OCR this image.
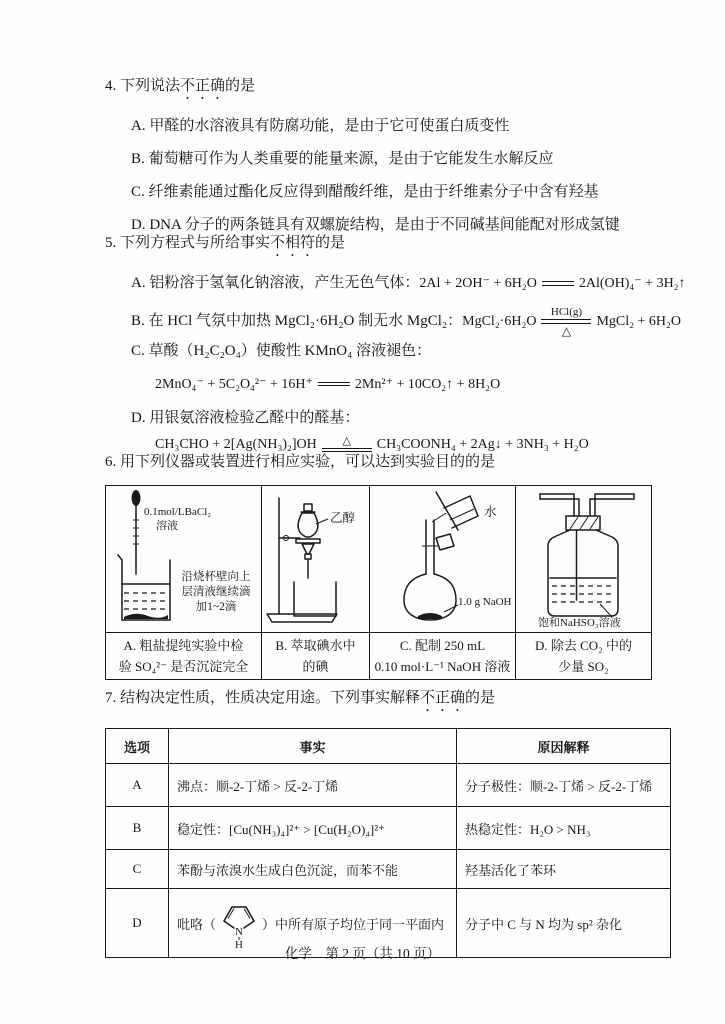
4. 下列说法不正确的是
A. 甲醛的水溶液具有防腐功能，是由于它可使蛋白质变性
B. 葡萄糖可作为人类重要的能量来源，是由于它能发生水解反应
C. 纤维素能通过酯化反应得到醋酸纤维，是由于纤维素分子中含有羟基
D. DNA 分子的两条链具有双螺旋结构，是由于不同碱基间能配对形成氢键
5. 下列方程式与所给事实不相符的是
A. 铝粉溶于氢氧化钠溶液，产生无色气体：2Al + 2OH⁻ + 6H₂O	2Al(OH)₄⁻ + 3H₂↑
B. 在 HCl 气氛中加热 MgCl₂·6H₂O 制无水 MgCl₂：MgCl₂·6H₂O
HCl(g)
△
MgCl₂ + 6H₂O
C. 草酸（H₂C₂O₄）使酸性 KMnO₄ 溶液褪色：
2MnO₄⁻ + 5C₂O₄²⁻ + 16H⁺	2Mn²⁺ + 10CO₂↑ + 8H₂O
D. 用银氨溶液检验乙醛中的醛基：
CH₃CHO + 2[Ag(NH₃)₂]OH △ CH₃COONH₄ + 2Ag↓ + 3NH₃ + H₂O
6. 用下列仪器或装置进行相应实验，可以达到实验目的的是
0.1mol/LBaCl₂
溶液
沿烧杯壁向上
层清液继续滴
加1~2滴

乙醇	水
1.0 g NaOH

饱和NaHSO₃溶液

A. 粗盐提纯实验中检
验 SO₄²⁻ 是否沉淀完全

B. 萃取碘水中
的碘

C. 配制 250 mL
0.10 mol·L⁻¹ NaOH 溶液

D. 除去 CO₂ 中的
少量 SO₂
7. 结构决定性质，性质决定用途。下列事实解释不正确的是
选项	事实	原因解释
A	沸点：顺-2-丁烯 > 反-2-丁烯	分子极性：顺-2-丁烯 > 反-2-丁烯
B	稳定性：[Cu(NH₃)₄]²⁺ > [Cu(H₂O)₄]²⁺	热稳定性：H₂O > NH₃
C	苯酚与浓溴水生成白色沉淀，而苯不能	羟基活化了苯环
D	吡咯（
N
H
）中所有原子均位于同一平面内	分子中 C 与 N 均为 sp² 杂化
化学　第 2 页（共 10 页）
